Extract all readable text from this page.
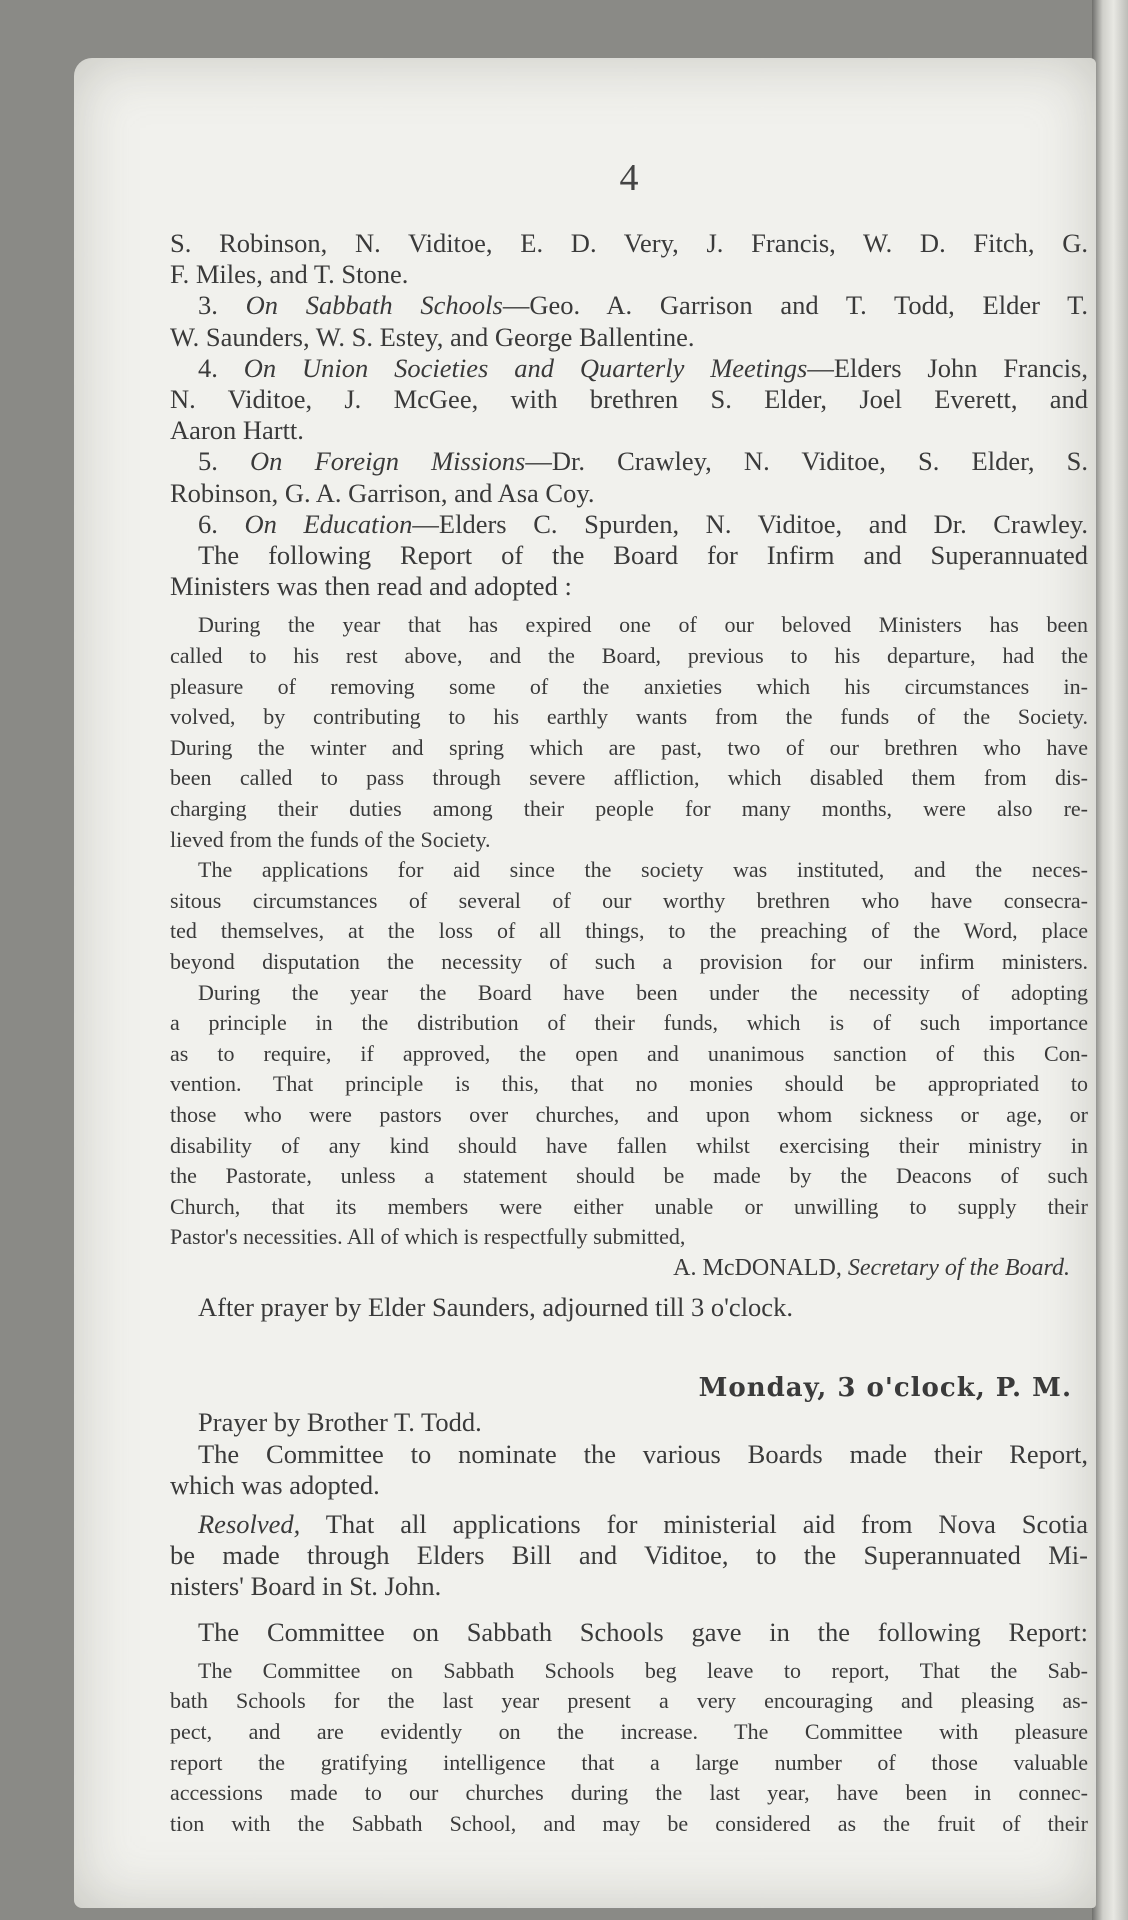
4

S. Robinson, N. Viditoe, E. D. Very, J. Francis, W. D. Fitch, G.

F. Miles, and T. Stone.

3. On Sabbath Schools—Geo. A. Garrison and T. Todd, Elder T.

W. Saunders, W. S. Estey, and George Ballentine.

4. On Union Societies and Quarterly Meetings—Elders John Francis,

N. Viditoe, J. McGee, with brethren S. Elder, Joel Everett, and

Aaron Hartt.

5. On Foreign Missions—Dr. Crawley, N. Viditoe, S. Elder, S.

Robinson, G. A. Garrison, and Asa Coy.

6. On Education—Elders C. Spurden, N. Viditoe, and Dr. Crawley.

The following Report of the Board for Infirm and Superannuated

Ministers was then read and adopted :

During the year that has expired one of our beloved Ministers has been

called to his rest above, and the Board, previous to his departure, had the

pleasure of removing some of the anxieties which his circumstances in-

volved, by contributing to his earthly wants from the funds of the Society.

During the winter and spring which are past, two of our brethren who have

been called to pass through severe affliction, which disabled them from dis-

charging their duties among their people for many months, were also re-

lieved from the funds of the Society.

The applications for aid since the society was instituted, and the neces-

sitous circumstances of several of our worthy brethren who have consecra-

ted themselves, at the loss of all things, to the preaching of the Word, place

beyond disputation the necessity of such a provision for our infirm ministers.

During the year the Board have been under the necessity of adopting

a principle in the distribution of their funds, which is of such importance

as to require, if approved, the open and unanimous sanction of this Con-

vention. That principle is this, that no monies should be appropriated to

those who were pastors over churches, and upon whom sickness or age, or

disability of any kind should have fallen whilst exercising their ministry in

the Pastorate, unless a statement should be made by the Deacons of such

Church, that its members were either unable or unwilling to supply their

Pastor's necessities. All of which is respectfully submitted,

A. McDONALD, Secretary of the Board.

After prayer by Elder Saunders, adjourned till 3 o'clock.

Monday, 3 o'clock, P. M.

Prayer by Brother T. Todd.

The Committee to nominate the various Boards made their Report,

which was adopted.

Resolved, That all applications for ministerial aid from Nova Scotia

be made through Elders Bill and Viditoe, to the Superannuated Mi-

nisters' Board in St. John.

The Committee on Sabbath Schools gave in the following Report:

The Committee on Sabbath Schools beg leave to report, That the Sab-

bath Schools for the last year present a very encouraging and pleasing as-

pect, and are evidently on the increase. The Committee with pleasure

report the gratifying intelligence that a large number of those valuable

accessions made to our churches during the last year, have been in connec-

tion with the Sabbath School, and may be considered as the fruit of their
